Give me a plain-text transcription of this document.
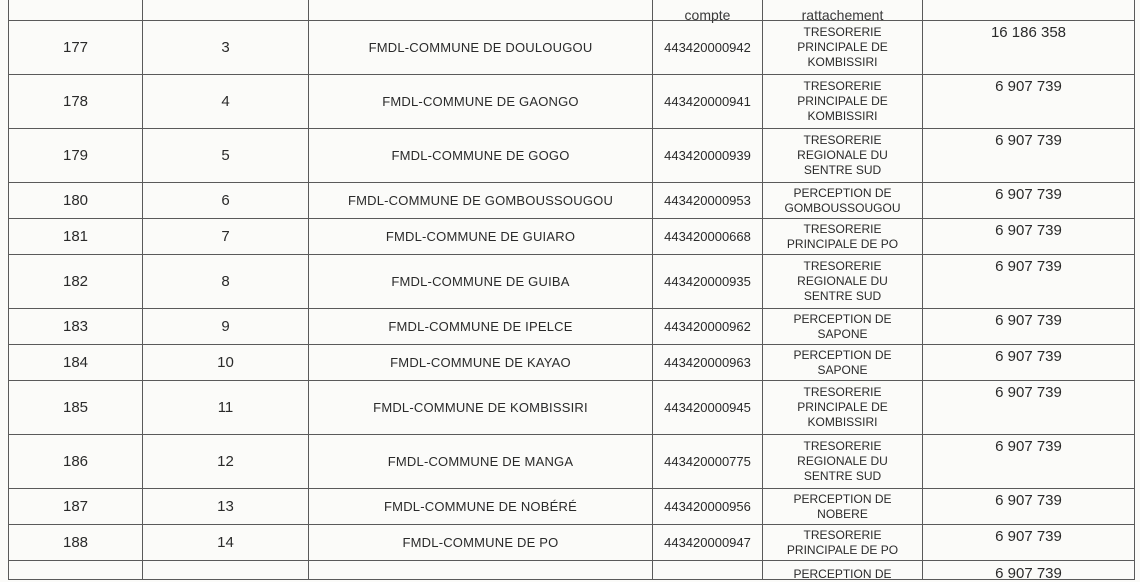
			compte	rattachement	

177	3	FMDL-COMMUNE DE DOULOUGOU	443420000942	TRESORERIE
PRINCIPALE DE
KOMBISSIRI	16 186 358
178	4	FMDL-COMMUNE DE GAONGO	443420000941	TRESORERIE
PRINCIPALE DE
KOMBISSIRI	6 907 739
179	5	FMDL-COMMUNE DE GOGO	443420000939	TRESORERIE
REGIONALE DU
SENTRE SUD	6 907 739
180	6	FMDL-COMMUNE DE GOMBOUSSOUGOU	443420000953	PERCEPTION DE
GOMBOUSSOUGOU	6 907 739
181	7	FMDL-COMMUNE DE GUIARO	443420000668	TRESORERIE
PRINCIPALE DE PO	6 907 739
182	8	FMDL-COMMUNE DE GUIBA	443420000935	TRESORERIE
REGIONALE DU
SENTRE SUD	6 907 739
183	9	FMDL-COMMUNE DE IPELCE	443420000962	PERCEPTION DE
SAPONE	6 907 739
184	10	FMDL-COMMUNE DE KAYAO	443420000963	PERCEPTION DE
SAPONE	6 907 739
185	11	FMDL-COMMUNE DE KOMBISSIRI	443420000945	TRESORERIE
PRINCIPALE DE
KOMBISSIRI	6 907 739
186	12	FMDL-COMMUNE DE MANGA	443420000775	TRESORERIE
REGIONALE DU
SENTRE SUD	6 907 739
187	13	FMDL-COMMUNE DE NOBÉRÉ	443420000956	PERCEPTION DE
NOBERE	6 907 739
188	14	FMDL-COMMUNE DE PO	443420000947	TRESORERIE
PRINCIPALE DE PO	6 907 739

				PERCEPTION DE	6 907 739
